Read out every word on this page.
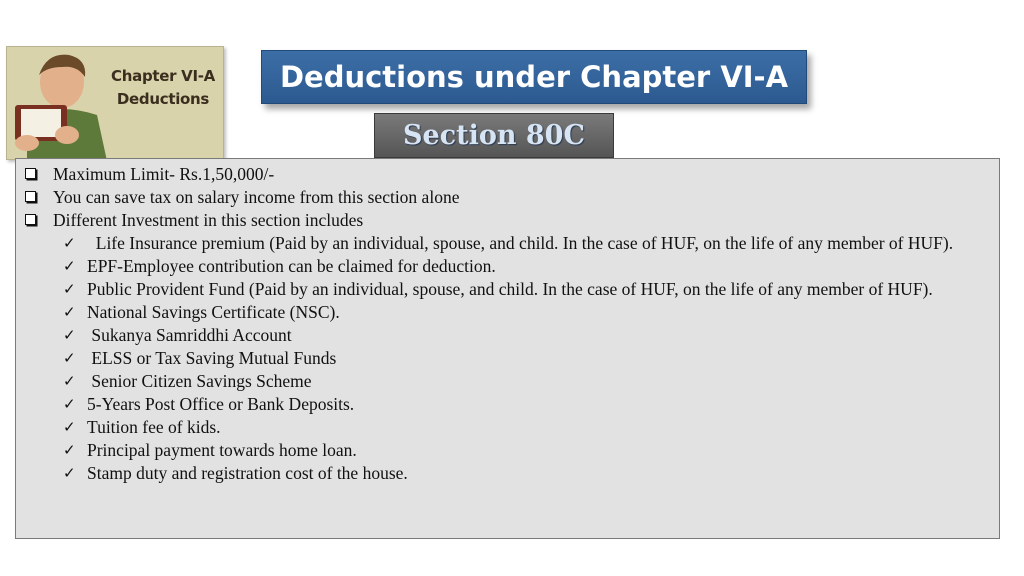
Chapter VI-A
Deductions
Deductions under Chapter VI-A
Section 80C
Maximum Limit- Rs.1,50,000/-
You can save tax on salary income from this section alone
Different Investment in this section includes
✓ Life Insurance premium (Paid by an individual, spouse, and child. In the case of HUF, on the life of any member of HUF).
✓ EPF-Employee contribution can be claimed for deduction.
✓ Public Provident Fund (Paid by an individual, spouse, and child. In the case of HUF, on the life of any member of HUF).
✓ National Savings Certificate (NSC).
✓ Sukanya Samriddhi Account
✓ ELSS or Tax Saving Mutual Funds
✓ Senior Citizen Savings Scheme
✓ 5-Years Post Office or Bank Deposits.
✓ Tuition fee of kids.
✓ Principal payment towards home loan.
✓ Stamp duty and registration cost of the house.
